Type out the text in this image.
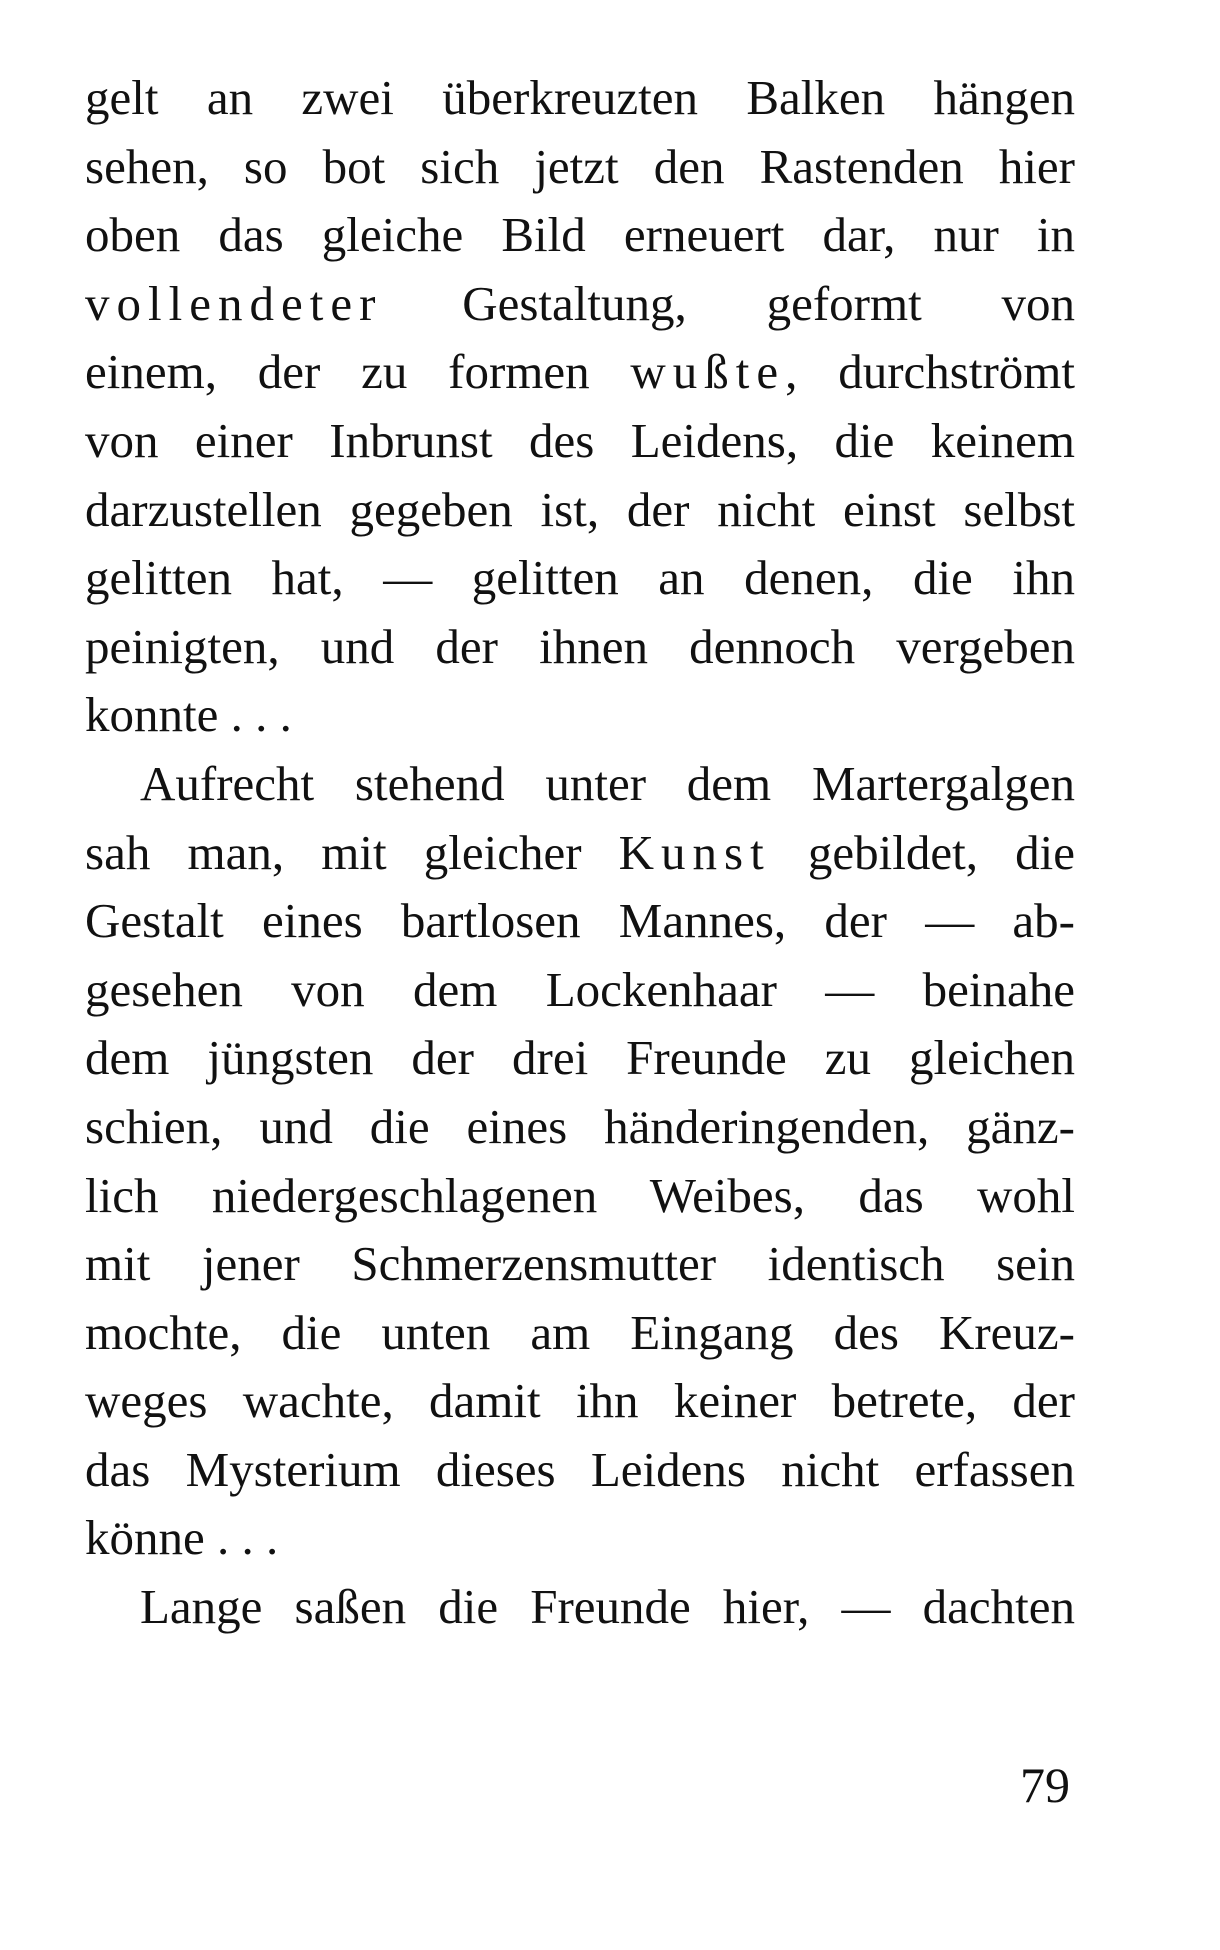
gelt an zwei überkreuzten Balken hängen
sehen, so bot sich jetzt den Rastenden hier
oben das gleiche Bild erneuert dar, nur in
vollendeter Gestaltung, geformt von
einem, der zu formen wußte, durchströmt
von einer Inbrunst des Leidens, die keinem
darzustellen gegeben ist, der nicht einst selbst
gelitten hat, — gelitten an denen, die ihn
peinigten, und der ihnen dennoch vergeben
konnte . . .
Aufrecht stehend unter dem Martergalgen
sah man, mit gleicher Kunst gebildet, die
Gestalt eines bartlosen Mannes, der — ab-
gesehen von dem Lockenhaar — beinahe
dem jüngsten der drei Freunde zu gleichen
schien, und die eines händeringenden, gänz-
lich niedergeschlagenen Weibes, das wohl
mit jener Schmerzensmutter identisch sein
mochte, die unten am Eingang des Kreuz-
weges wachte, damit ihn keiner betrete, der
das Mysterium dieses Leidens nicht erfassen
könne . . .
Lange saßen die Freunde hier, — dachten
79
